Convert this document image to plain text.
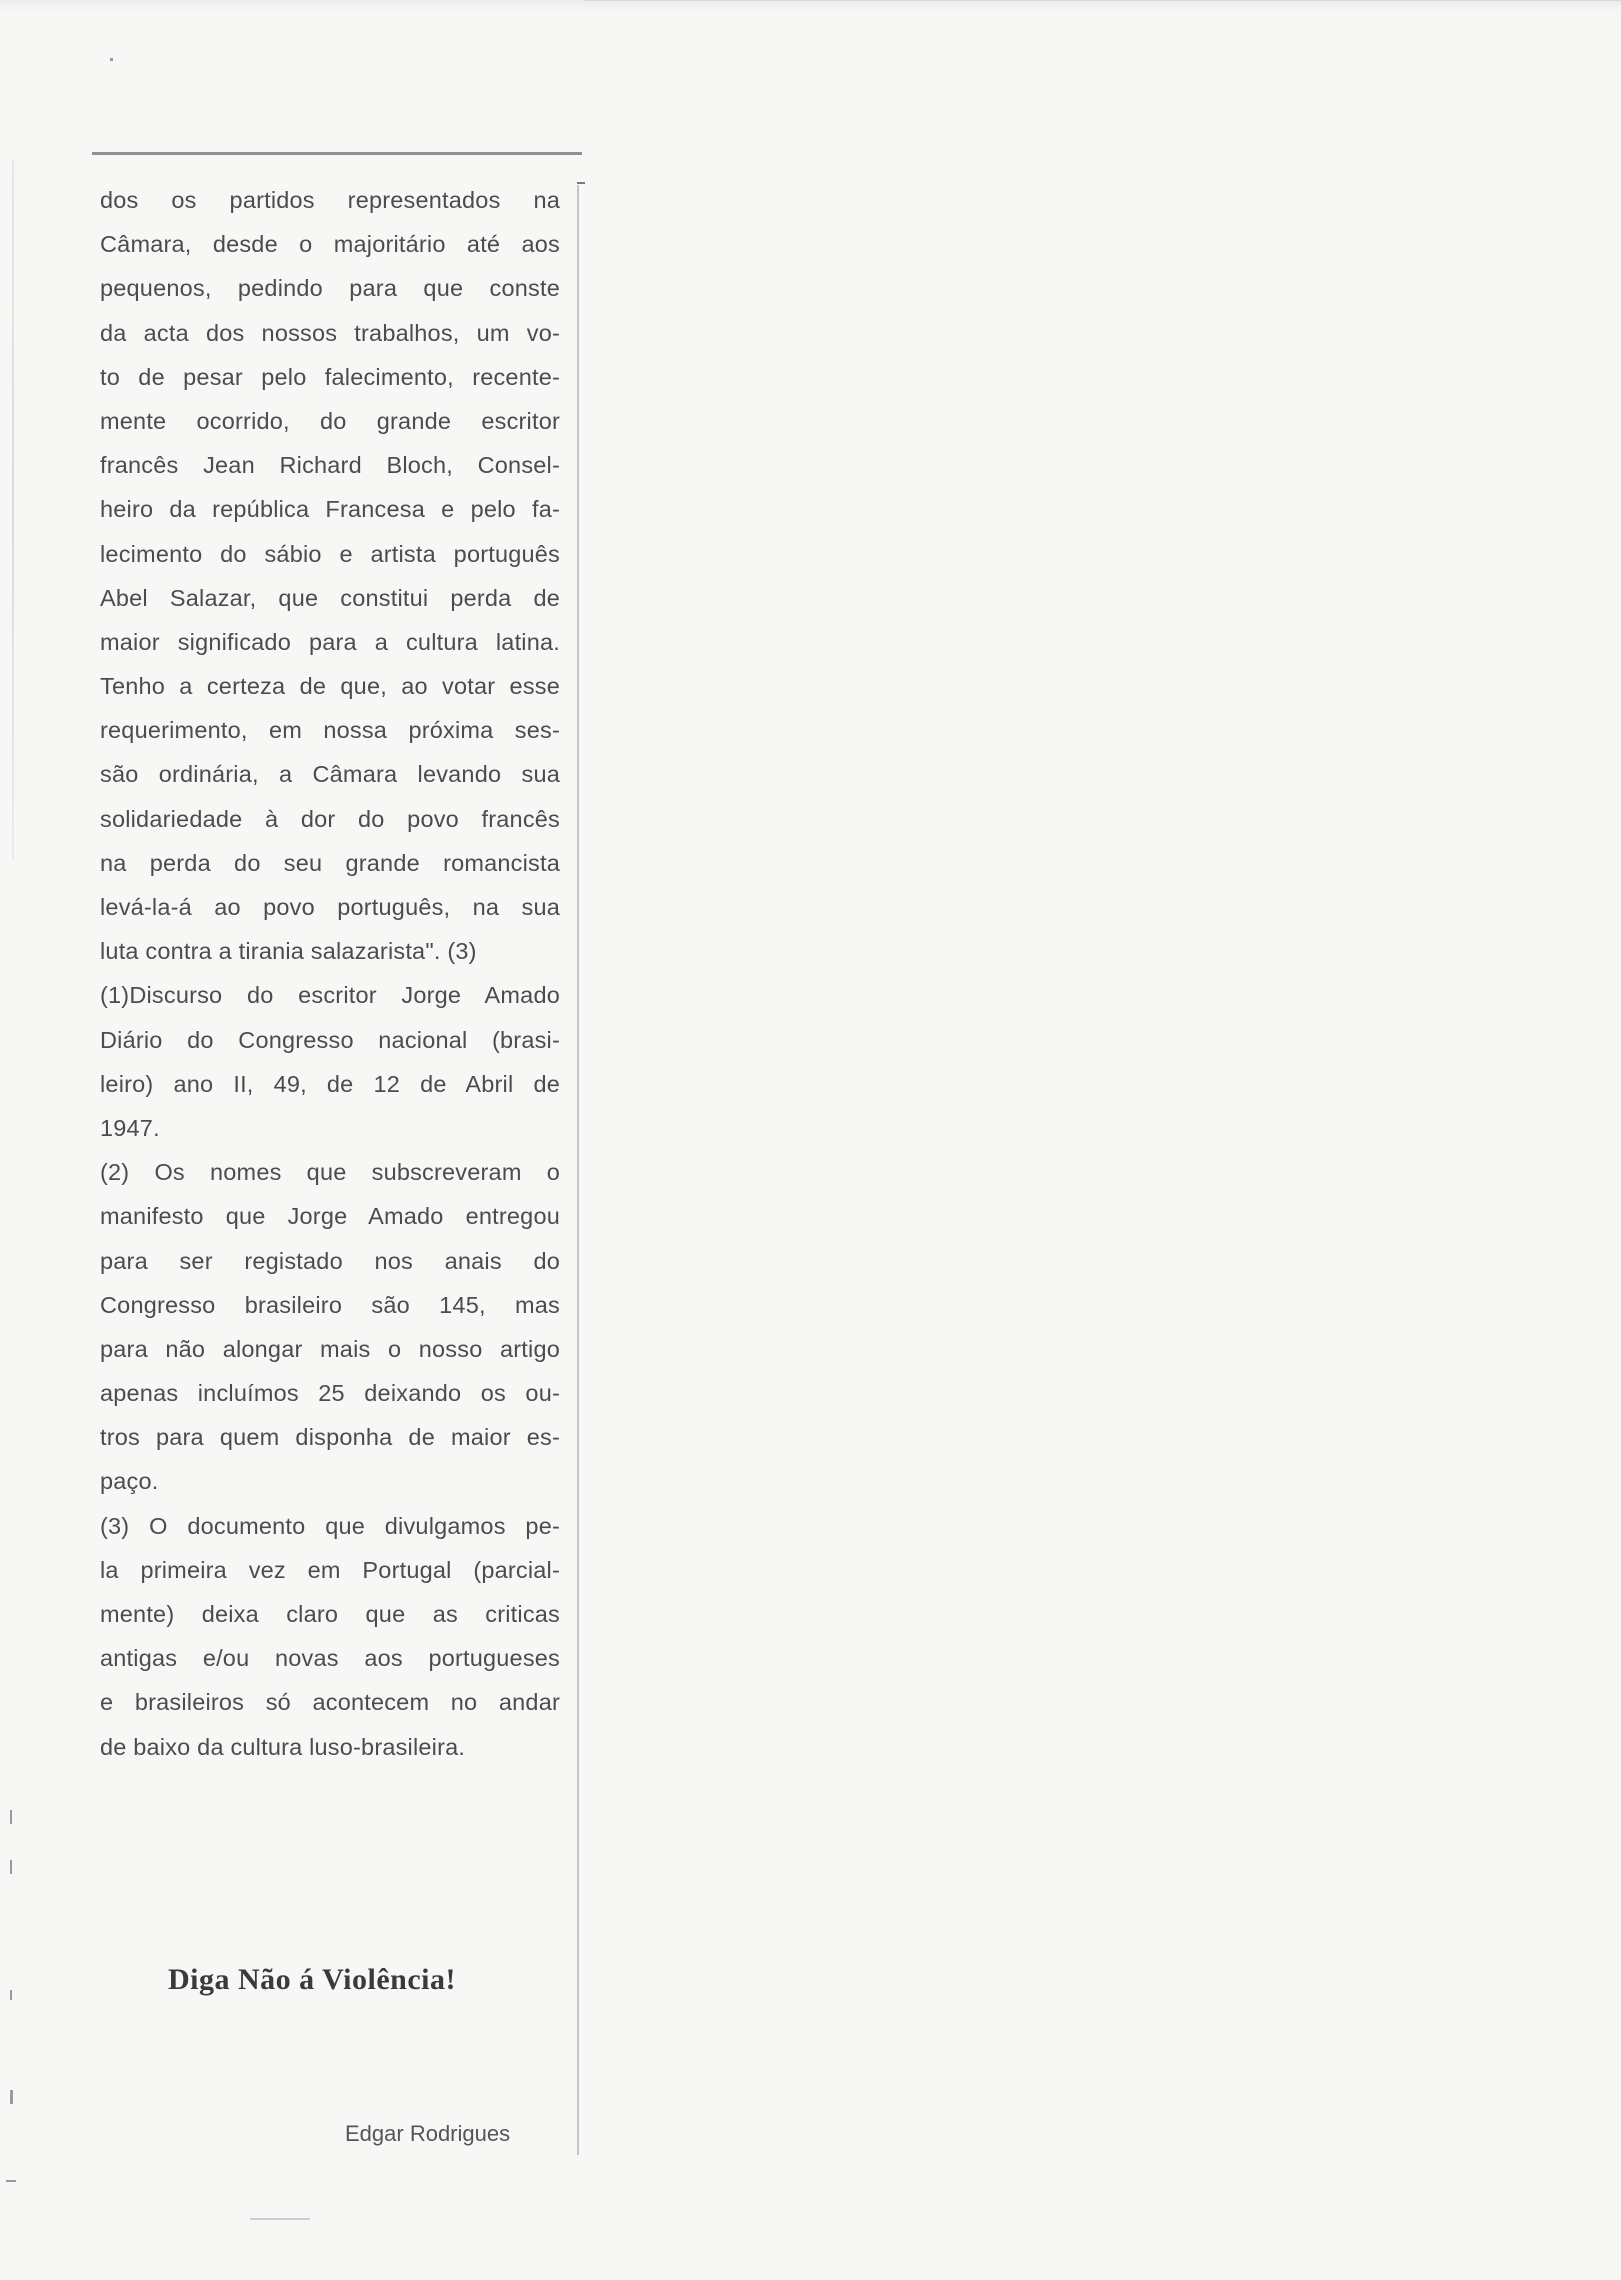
dos os partidos representados na
Câmara, desde o majoritário até aos
pequenos, pedindo para que conste
da acta dos nossos trabalhos, um vo-
to de pesar pelo falecimento, recente-
mente ocorrido, do grande escritor
francês Jean Richard Bloch, Consel-
heiro da república Francesa e pelo fa-
lecimento do sábio e artista português
Abel Salazar, que constitui perda de
maior significado para a cultura latina.
Tenho a certeza de que, ao votar esse
requerimento, em nossa próxima ses-
são ordinária, a Câmara levando sua
solidariedade à dor do povo francês
na perda do seu grande romancista
levá-la-á ao povo português, na sua
luta contra a tirania salazarista". (3)
(1)Discurso do escritor Jorge Amado
Diário do Congresso nacional (brasi-
leiro) ano II, 49, de 12 de Abril de
1947.
(2) Os nomes que subscreveram o
manifesto que Jorge Amado entregou
para ser registado nos anais do
Congresso brasileiro são 145, mas
para não alongar mais o nosso artigo
apenas incluímos 25 deixando os ou-
tros para quem disponha de maior es-
paço.
(3) O documento que divulgamos pe-
la primeira vez em Portugal (parcial-
mente) deixa claro que as criticas
antigas e/ou novas aos portugueses
e brasileiros só acontecem no andar
de baixo da cultura luso-brasileira.
Diga Não á Violência!
Edgar Rodrigues
